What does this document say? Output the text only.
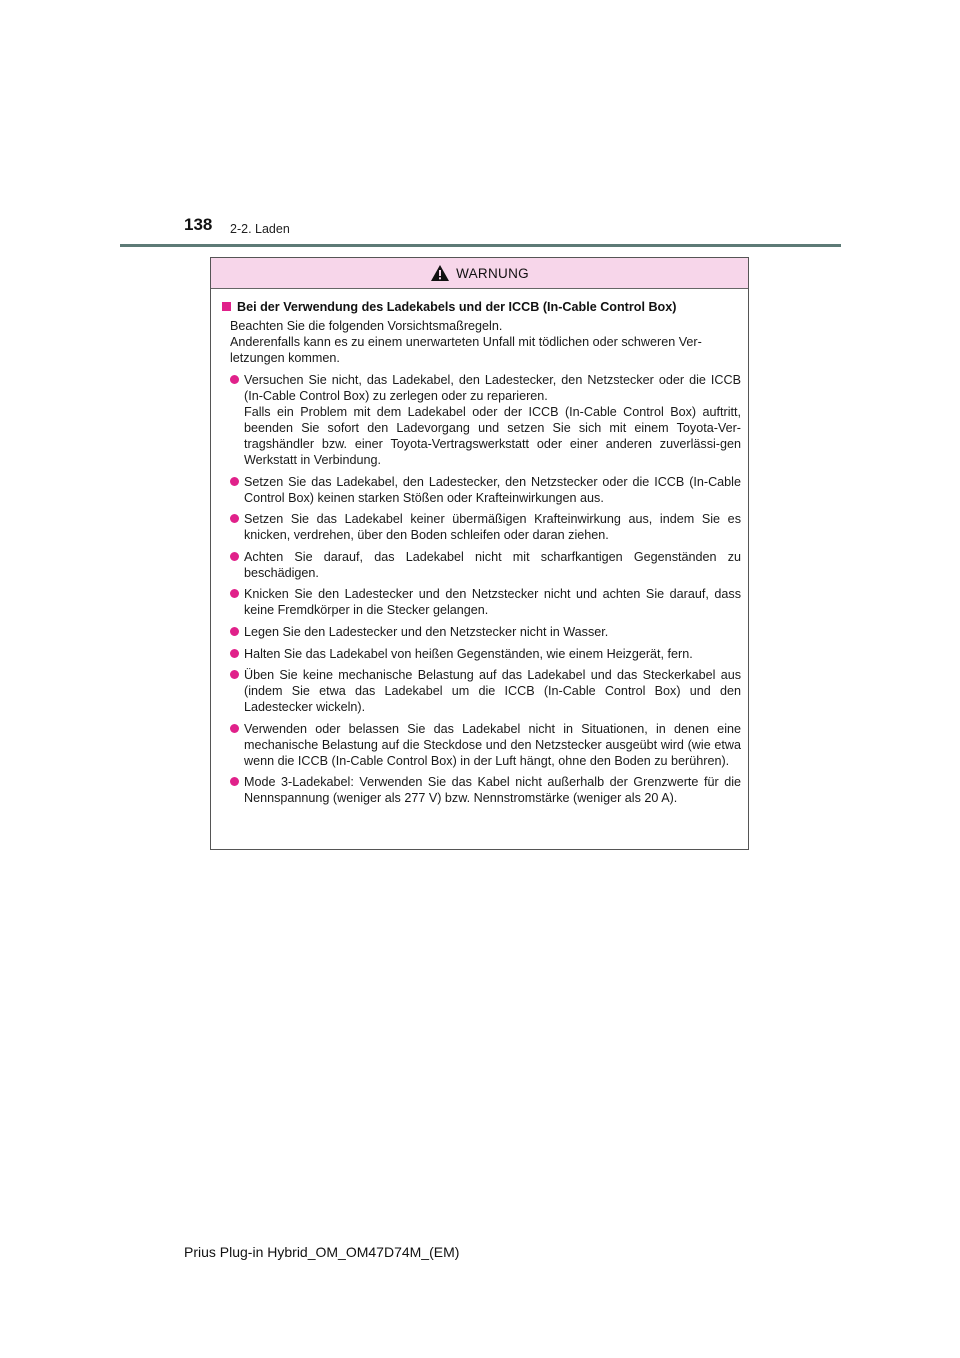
138 2-2. Laden
WARNUNG
Bei der Verwendung des Ladekabels und der ICCB (In-Cable Control Box)

Beachten Sie die folgenden Vorsichtsmaßregeln.

Anderenfalls kann es zu einem unerwarteten Unfall mit tödlichen oder schweren Ver-letzungen kommen.

Versuchen Sie nicht, das Ladekabel, den Ladestecker, den Netzstecker oder die ICCB (In-Cable Control Box) zu zerlegen oder zu reparieren.

Falls ein Problem mit dem Ladekabel oder der ICCB (In-Cable Control Box) auftritt, beenden Sie sofort den Ladevorgang und setzen Sie sich mit einem Toyota-Ver-tragshändler bzw. einer Toyota-Vertragswerkstatt oder einer anderen zuverlässi-gen Werkstatt in Verbindung.

Setzen Sie das Ladekabel, den Ladestecker, den Netzstecker oder die ICCB (In-Cable Control Box) keinen starken Stößen oder Krafteinwirkungen aus.

Setzen Sie das Ladekabel keiner übermäßigen Krafteinwirkung aus, indem Sie es knicken, verdrehen, über den Boden schleifen oder daran ziehen.

Achten Sie darauf, das Ladekabel nicht mit scharfkantigen Gegenständen zu beschädigen.

Knicken Sie den Ladestecker und den Netzstecker nicht und achten Sie darauf, dass keine Fremdkörper in die Stecker gelangen.

Legen Sie den Ladestecker und den Netzstecker nicht in Wasser.

Halten Sie das Ladekabel von heißen Gegenständen, wie einem Heizgerät, fern.

Üben Sie keine mechanische Belastung auf das Ladekabel und das Steckerkabel aus (indem Sie etwa das Ladekabel um die ICCB (In-Cable Control Box) und den Ladestecker wickeln).

Verwenden oder belassen Sie das Ladekabel nicht in Situationen, in denen eine mechanische Belastung auf die Steckdose und den Netzstecker ausgeübt wird (wie etwa wenn die ICCB (In-Cable Control Box) in der Luft hängt, ohne den Boden zu berühren).

Mode 3-Ladekabel: Verwenden Sie das Kabel nicht außerhalb der Grenzwerte für die Nennspannung (weniger als 277 V) bzw. Nennstromstärke (weniger als 20 A).

Prius Plug-in Hybrid_OM_OM47D74M_(EM)
